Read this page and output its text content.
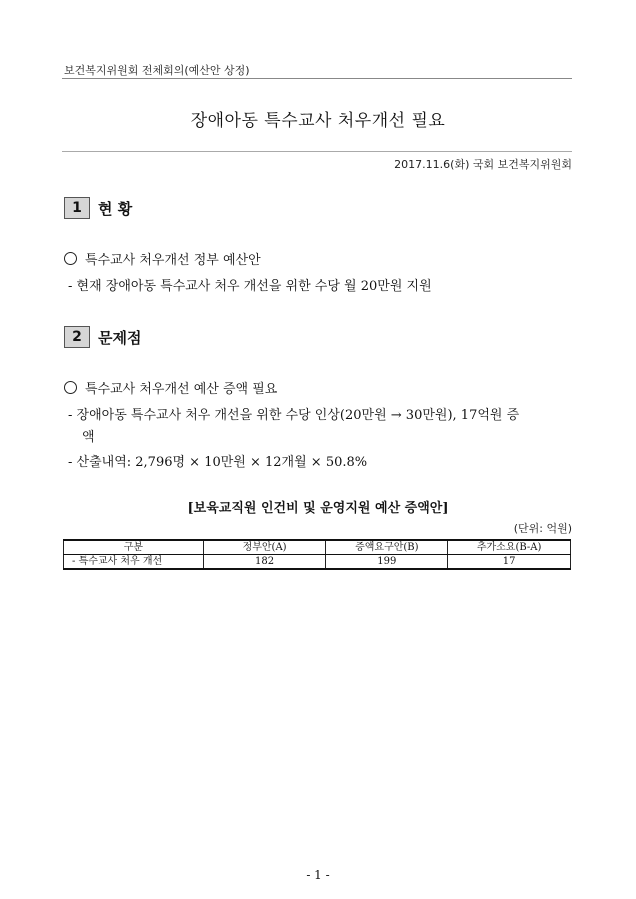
보건복지위원회 전체회의(예산안 상정)
장애아동 특수교사 처우개선 필요
2017.11.6(화) 국회 보건복지위원회
1	현 황
특수교사 처우개선 정부 예산안
- 현재 장애아동 특수교사 처우 개선을 위한 수당 월 20만원 지원
2	문제점
특수교사 처우개선 예산 증액 필요
- 장애아동 특수교사 처우 개선을 위한 수당 인상(20만원 → 30만원), 17억원 증
액
- 산출내역: 2,796명 × 10만원 × 12개월 × 50.8%
[보육교직원 인건비 및 운영지원 예산 증액안]
(단위: 억원)
구분	정부안(A)	증액요구안(B)	추가소요(B-A)
- 특수교사 처우 개선	182	199	17
- 1 -
